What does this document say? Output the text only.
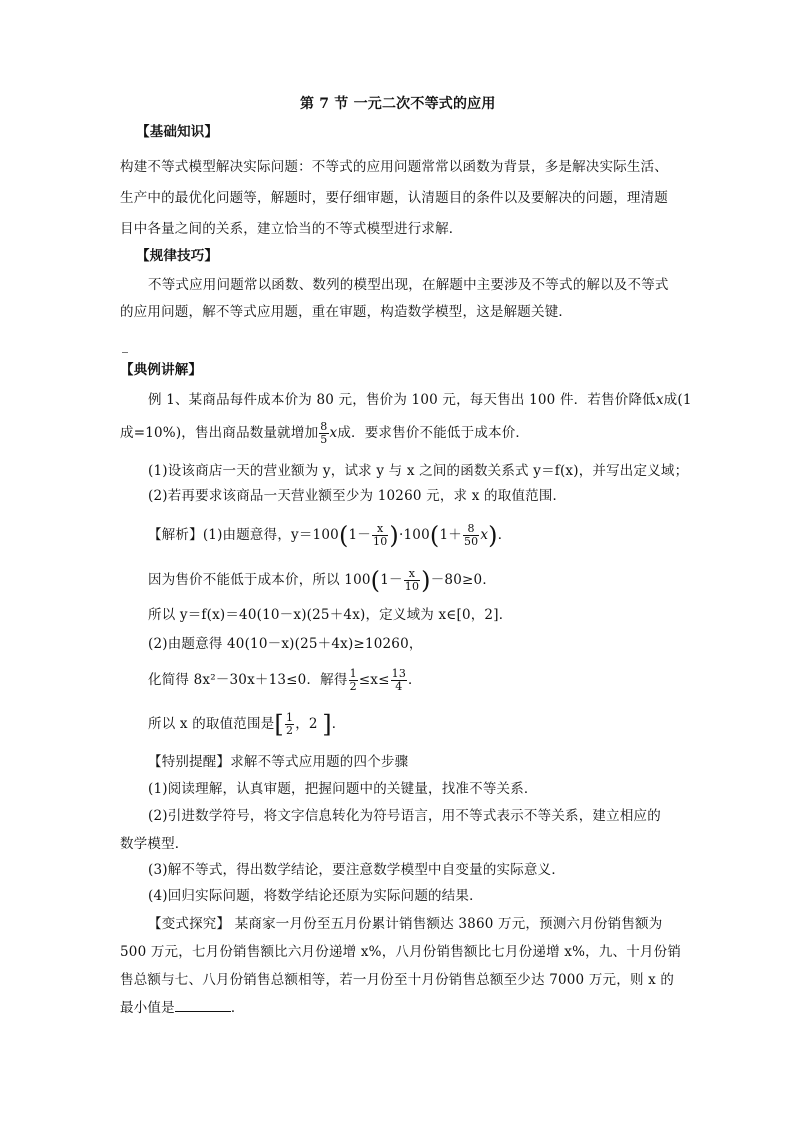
第 7 节 一元二次不等式的应用
【基础知识】
构建不等式模型解决实际问题：不等式的应用问题常常以函数为背景，多是解决实际生活、
生产中的最优化问题等，解题时，要仔细审题，认清题目的条件以及要解决的问题，理清题
目中各量之间的关系，建立恰当的不等式模型进行求解．
【规律技巧】
不等式应用问题常以函数、数列的模型出现，在解题中主要涉及不等式的解以及不等式
的应用问题，解不等式应用题，重在审题，构造数学模型，这是解题关键．
【典例讲解】
例 1、某商品每件成本价为 80 元，售价为 100 元，每天售出 100 件．若售价降低x成(1
成=10%)，售出商品数量就增加 $\frac{8}{5}$ x成．要求售价不能低于成本价．
(1)设该商店一天的营业额为 y，试求 y 与 x 之间的函数关系式 y＝f(x)，并写出定义域；
(2)若再要求该商品一天营业额至少为 10260 元，求 x 的取值范围．
【解析】(1)由题意得，$y=100(1- \frac{x}{10} )\cdot 100(1+ \frac{8}{50} x)$．
因为售价不能低于成本价，所以 $100(1- \frac{x}{10} )-80\ge 0$．
所以 y＝f(x)＝40(10－x)(25＋4x)，定义域为 x∈[0，2]．
(2)由题意得 40(10－x)(25＋4x)≥10260，
化简得 8x²－30x＋13≤0．解得 $\frac{1}{2} \le x\le \frac{13}{4}$ ．
所以 x 的取值范围是[ $\frac{1}{2}$ ，2 ]．
【特别提醒】求解不等式应用题的四个步骤
(1)阅读理解，认真审题，把握问题中的关键量，找准不等关系．
(2)引进数学符号，将文字信息转化为符号语言，用不等式表示不等关系，建立相应的
数学模型．
(3)解不等式，得出数学结论，要注意数学模型中自变量的实际意义．
(4)回归实际问题，将数学结论还原为实际问题的结果．
【变式探究】 某商家一月份至五月份累计销售额达 3860 万元，预测六月份销售额为
500 万元，七月份销售额比六月份递增 x%，八月份销售额比七月份递增 x%，九、十月份销
售总额与七、八月份销售总额相等，若一月份至十月份销售总额至少达 7000 万元，则 x 的
最小值是	．
